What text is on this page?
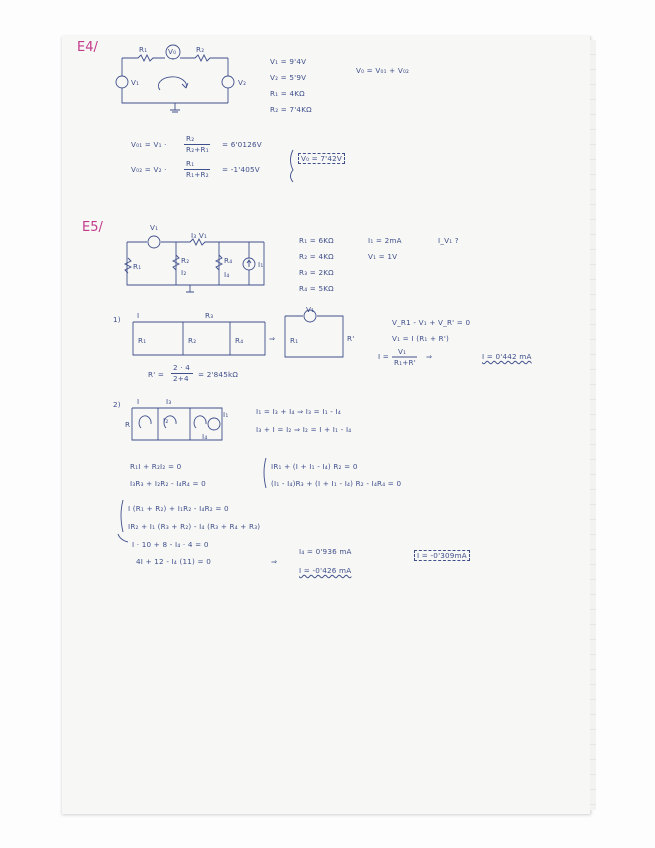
E4/	R₁	V₀	R₂
V₁	V₂
V₁ = 9'4V
V₂ = 5'9V
R₁ = 4KΩ
R₂ = 7'4KΩ
V₀ = V₀₁ + V₀₂
V₀₁ = V₁ ·
R₂
R₂+R₁
= 6'0126V
V₀₂ = V₂ ·
R₁
R₁+R₂
= -1'405V
V₀ = 7'42V
E5/	V₁
I₃ V₁
R₁
R₂
I₂
R₄
I₄
I₁
R₁ = 6KΩ
R₂ = 4KΩ
R₃ = 2KΩ
R₄ = 5KΩ
I₁ = 2mA
V₁ = 1V
I_V₁ ?
1) I	R₃
R₁	R₂	R₄	⇒
V₁
R₁	R'
V_R1 - V₁ + V_R' = 0
V₁ = I (R₁ + R')
I =
V₁
R₁+R'
⇒	I = 0'442 mA
R' =
2 · 4
2+4 = 2'845kΩ
2) I	I₃
I₁
I₂
I₄
R
I₁ = I₃ + I₄ ⇒ I₃ = I₁ - I₄
I₃ + I = I₂ ⇒ I₂ = I + I₁ - I₄
R₁I + R₂I₂ = 0
I₃R₃ + I₂R₂ - I₄R₄ = 0
IR₁ + (I + I₁ - I₄) R₂ = 0
(I₁ - I₄)R₃ + (I + I₁ - I₄) R₂ - I₄R₄ = 0
I (R₁ + R₂) + I₁R₂ - I₄R₂ = 0
IR₂ + I₁ (R₃ + R₂) - I₄ (R₃ + R₄ + R₃)
I · 10 + 8 - I₄ · 4 = 0
4I + 12 - I₄ (11) = 0	⇒
I₄ = 0'936 mA
I = -0'426 mA
I = -0'309mA
